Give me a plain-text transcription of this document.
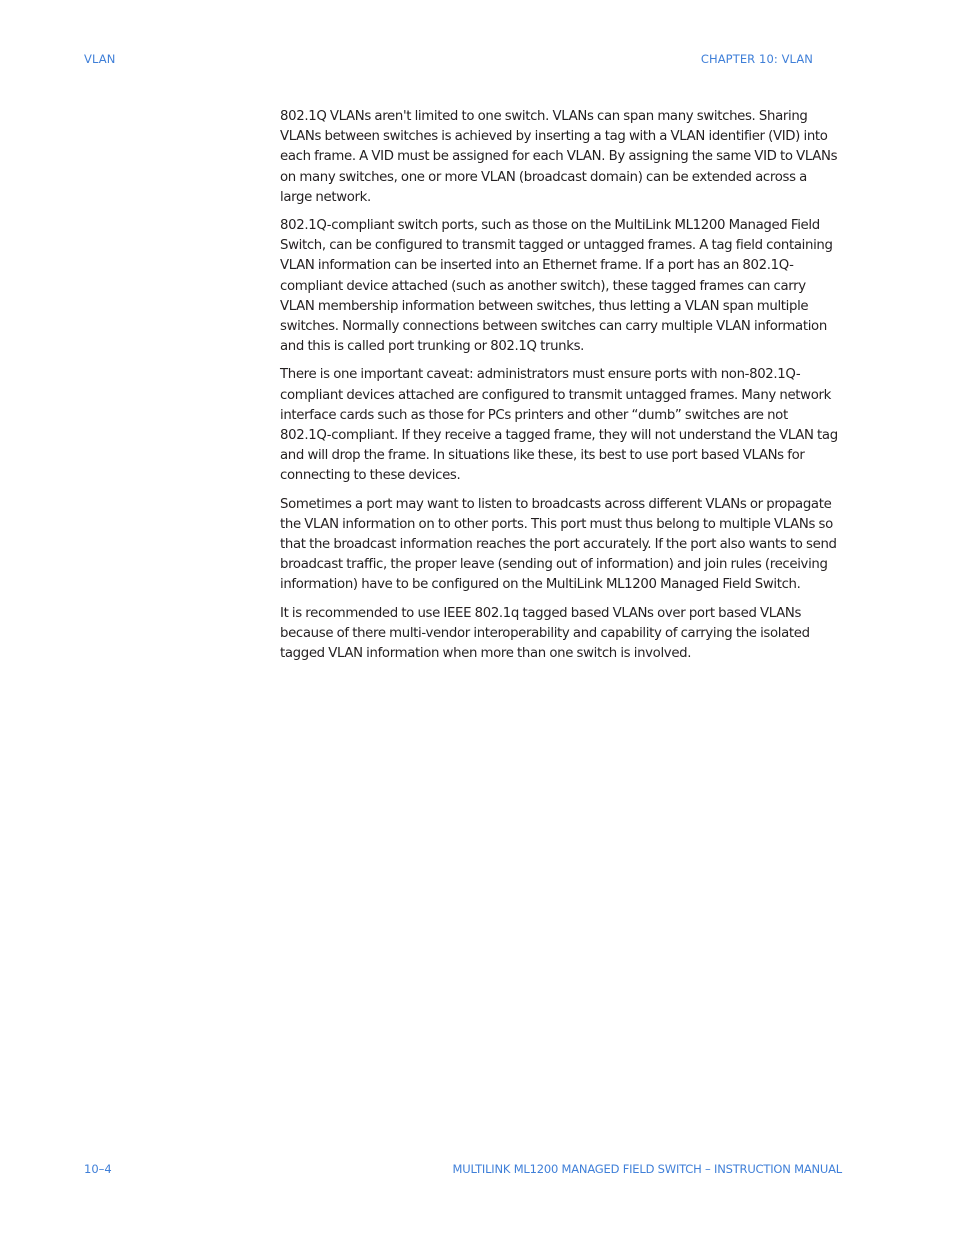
VLAN	CHAPTER 10: VLAN

802.1Q VLANs aren't limited to one switch. VLANs can span many switches. Sharing VLANs between switches is achieved by inserting a tag with a VLAN identifier (VID) into each frame. A VID must be assigned for each VLAN. By assigning the same VID to VLANs on many switches, one or more VLAN (broadcast domain) can be extended across a large network.

802.1Q-compliant switch ports, such as those on the MultiLink ML1200 Managed Field Switch, can be configured to transmit tagged or untagged frames. A tag field containing VLAN information can be inserted into an Ethernet frame. If a port has an 802.1Q-compliant device attached (such as another switch), these tagged frames can carry VLAN membership information between switches, thus letting a VLAN span multiple switches. Normally connections between switches can carry multiple VLAN information and this is called port trunking or 802.1Q trunks.

There is one important caveat: administrators must ensure ports with non-802.1Q-compliant devices attached are configured to transmit untagged frames. Many network interface cards such as those for PCs printers and other “dumb” switches are not 802.1Q-compliant. If they receive a tagged frame, they will not understand the VLAN tag and will drop the frame. In situations like these, its best to use port based VLANs for connecting to these devices.

Sometimes a port may want to listen to broadcasts across different VLANs or propagate the VLAN information on to other ports. This port must thus belong to multiple VLANs so that the broadcast information reaches the port accurately. If the port also wants to send broadcast traffic, the proper leave (sending out of information) and join rules (receiving information) have to be configured on the MultiLink ML1200 Managed Field Switch.

It is recommended to use IEEE 802.1q tagged based VLANs over port based VLANs because of there multi-vendor interoperability and capability of carrying the isolated tagged VLAN information when more than one switch is involved.

10–4	MULTILINK ML1200 MANAGED FIELD SWITCH – INSTRUCTION MANUAL
